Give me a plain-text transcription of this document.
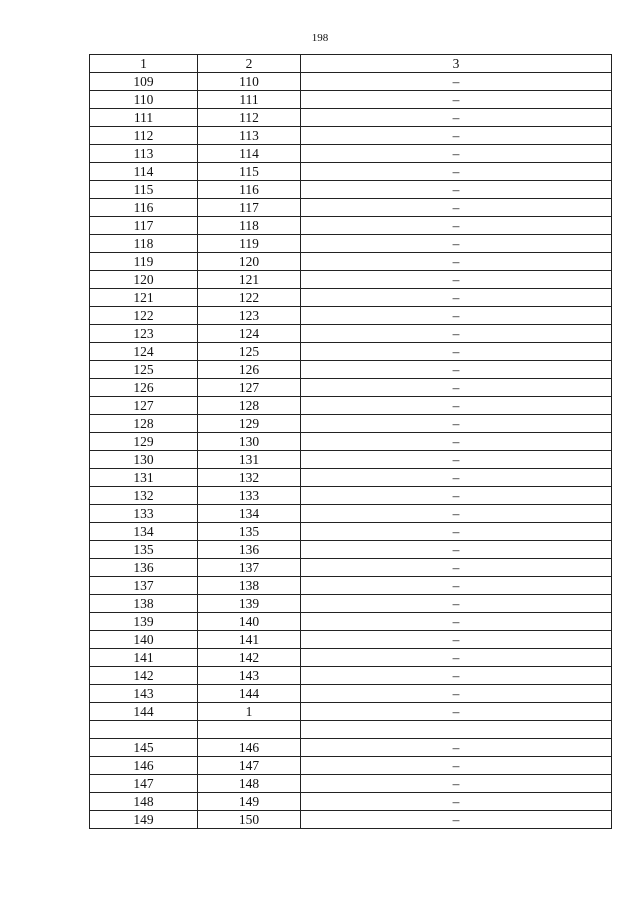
198
1	2	3
109	110	–
110	111	–
111	112	–
112	113	–
113	114	–
114	115	–
115	116	–
116	117	–
117	118	–
118	119	–
119	120	–
120	121	–
121	122	–
122	123	–
123	124	–
124	125	–
125	126	–
126	127	–
127	128	–
128	129	–
129	130	–
130	131	–
131	132	–
132	133	–
133	134	–
134	135	–
135	136	–
136	137	–
137	138	–
138	139	–
139	140	–
140	141	–
141	142	–
142	143	–
143	144	–
144	1	–

145	146	–
146	147	–
147	148	–
148	149	–
149	150	–
